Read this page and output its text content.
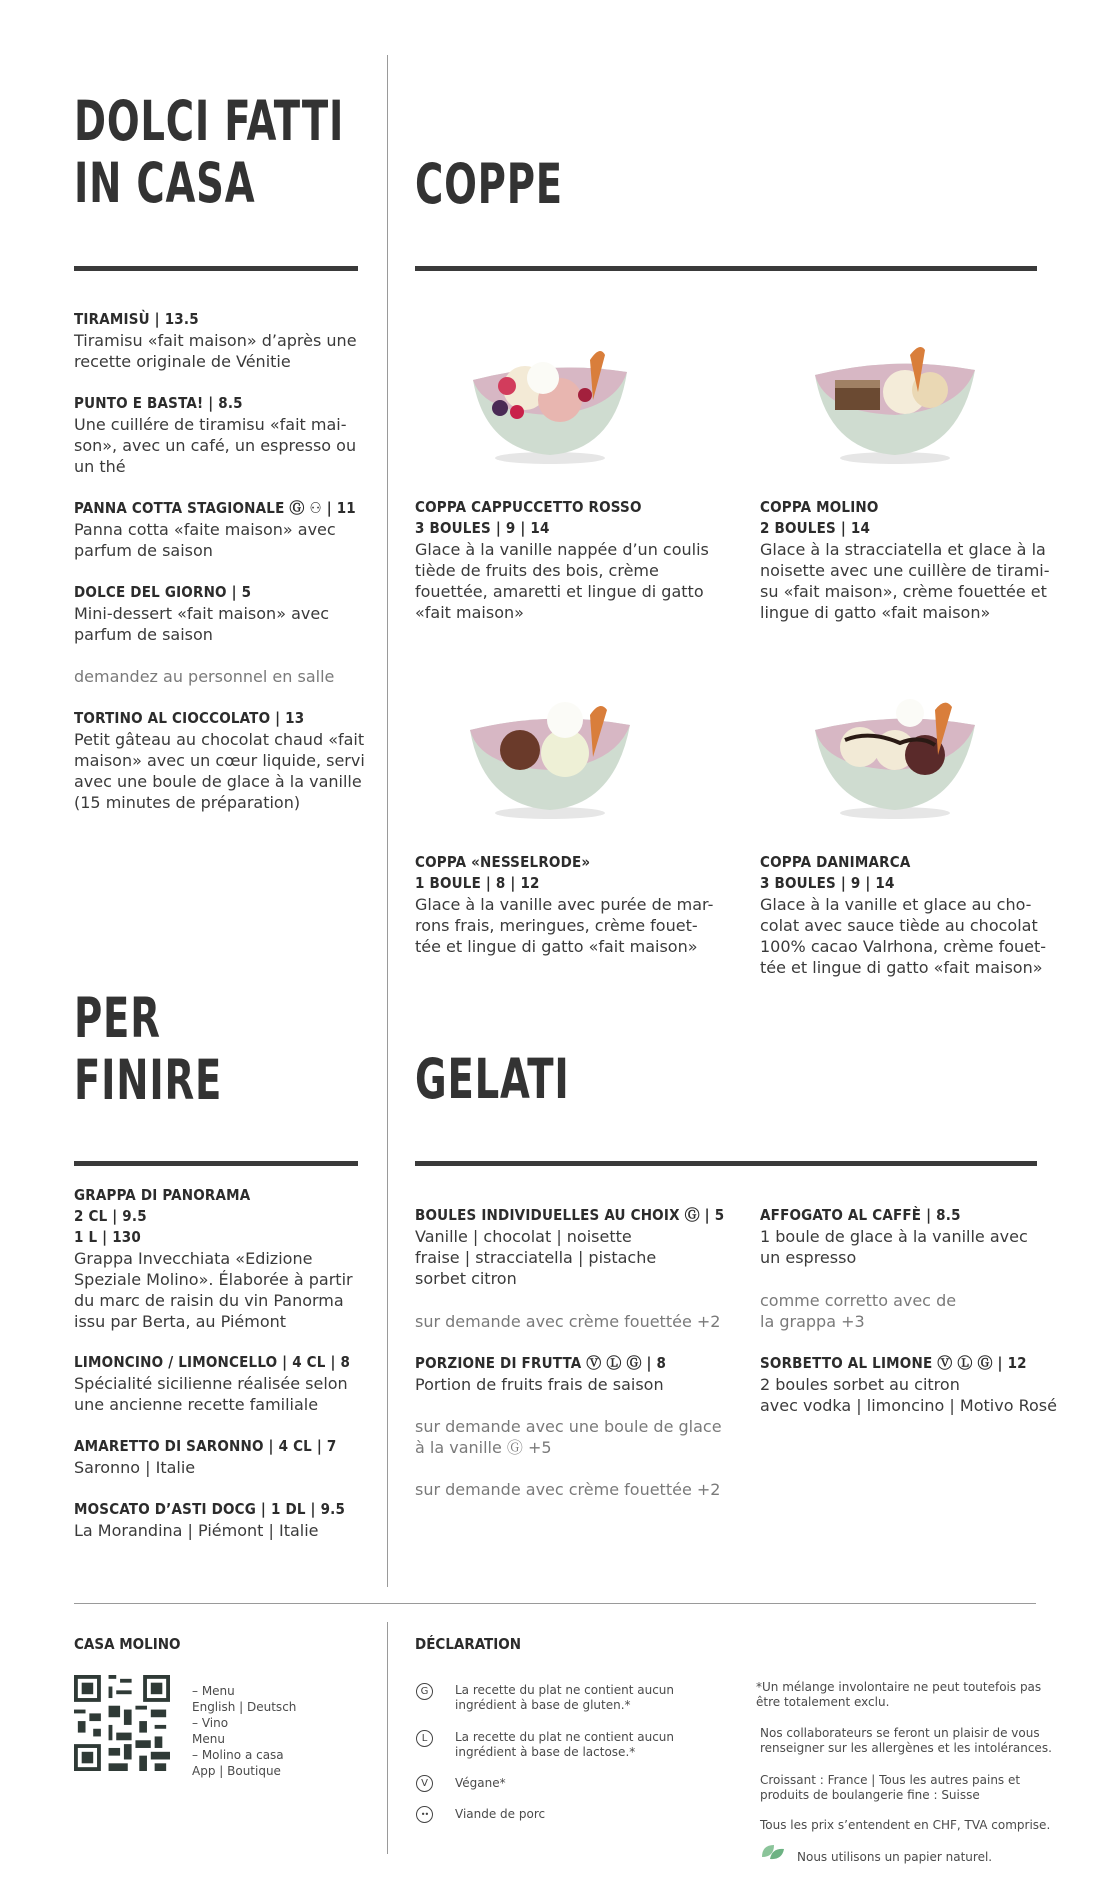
DOLCI FATTI
IN CASA
TIRAMISÙ | 13.5
Tiramisu «fait maison» d’après une
recette originale de Vénitie
PUNTO E BASTA! | 8.5
Une cuillére de tiramisu «fait mai-
son», avec un café, un espresso ou
un thé
PANNA COTTA STAGIONALE Ⓖ ⚇ | 11
Panna cotta «faite maison» avec
parfum de saison
DOLCE DEL GIORNO | 5
Mini-dessert «fait maison» avec
parfum de saison
demandez au personnel en salle
TORTINO AL CIOCCOLATO | 13
Petit gâteau au chocolat chaud «fait
maison» avec un cœur liquide, servi
avec une boule de glace à la vanille
(15 minutes de préparation)
COPPE
COPPA CAPPUCCETTO ROSSO
3 BOULES | 9 | 14
Glace à la vanille nappée d’un coulis
tiède de fruits des bois, crème
fouettée, amaretti et lingue di gatto
«fait maison»
COPPA MOLINO
2 BOULES | 14
Glace à la stracciatella et glace à la
noisette avec une cuillère de tirami-
su «fait maison», crème fouettée et
lingue di gatto «fait maison»
COPPA «NESSELRODE»
1 BOULE | 8 | 12
Glace à la vanille avec purée de mar-
rons frais, meringues, crème fouet-
tée et lingue di gatto «fait maison»
COPPA DANIMARCA
3 BOULES | 9 | 14
Glace à la vanille et glace au cho-
colat avec sauce tiède au chocolat
100% cacao Valrhona, crème fouet-
tée et lingue di gatto «fait maison»
PER
FINIRE
GRAPPA DI PANORAMA
2 CL | 9.5
1 L | 130
Grappa Invecchiata «Edizione
Speziale Molino». Élaborée à partir
du marc de raisin du vin Panorma
issu par Berta, au Piémont
LIMONCINO / LIMONCELLO | 4 CL | 8
Spécialité sicilienne réalisée selon
une ancienne recette familiale
AMARETTO DI SARONNO | 4 CL | 7
Saronno | Italie
MOSCATO D’ASTI DOCG | 1 DL | 9.5
La Morandina | Piémont | Italie
GELATI
BOULES INDIVIDUELLES AU CHOIX Ⓖ | 5
Vanille | chocolat | noisette
fraise | stracciatella | pistache
sorbet citron
sur demande avec crème fouettée +2
PORZIONE DI FRUTTA Ⓥ Ⓛ Ⓖ | 8
Portion de fruits frais de saison
sur demande avec une boule de glace
à la vanille Ⓖ +5
sur demande avec crème fouettée +2
AFFOGATO AL CAFFÈ | 8.5
1 boule de glace à la vanille avec
un espresso
comme corretto avec de
la grappa +3
SORBETTO AL LIMONE Ⓥ Ⓛ Ⓖ | 12
2 boules sorbet au citron
avec vodka | limoncino | Motivo Rosé
CASA MOLINO
– Menu
English | Deutsch
– Vino
Menu
– Molino a casa
App | Boutique
DÉCLARATION
G	La recette du plat ne contient aucun
ingrédient à base de gluten.*
L	La recette du plat ne contient aucun
ingrédient à base de lactose.*
V	Végane*
••	Viande de porc
*Un mélange involontaire ne peut toutefois pas
être totalement exclu.
Nos collaborateurs se feront un plaisir de vous
renseigner sur les allergènes et les intolérances.
Croissant : France | Tous les autres pains et
produits de boulangerie fine : Suisse
Tous les prix s’entendent en CHF, TVA comprise.
Nous utilisons un papier naturel.
